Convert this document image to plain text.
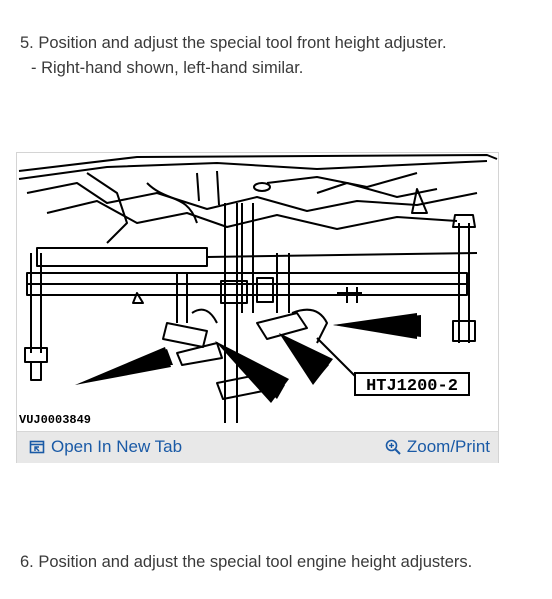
5. Position and adjust the special tool front height adjuster.
- Right-hand shown, left-hand similar.
HTJ1200-2
VUJ0003849
Open In New Tab	Zoom/Print
6. Position and adjust the special tool engine height adjusters.
